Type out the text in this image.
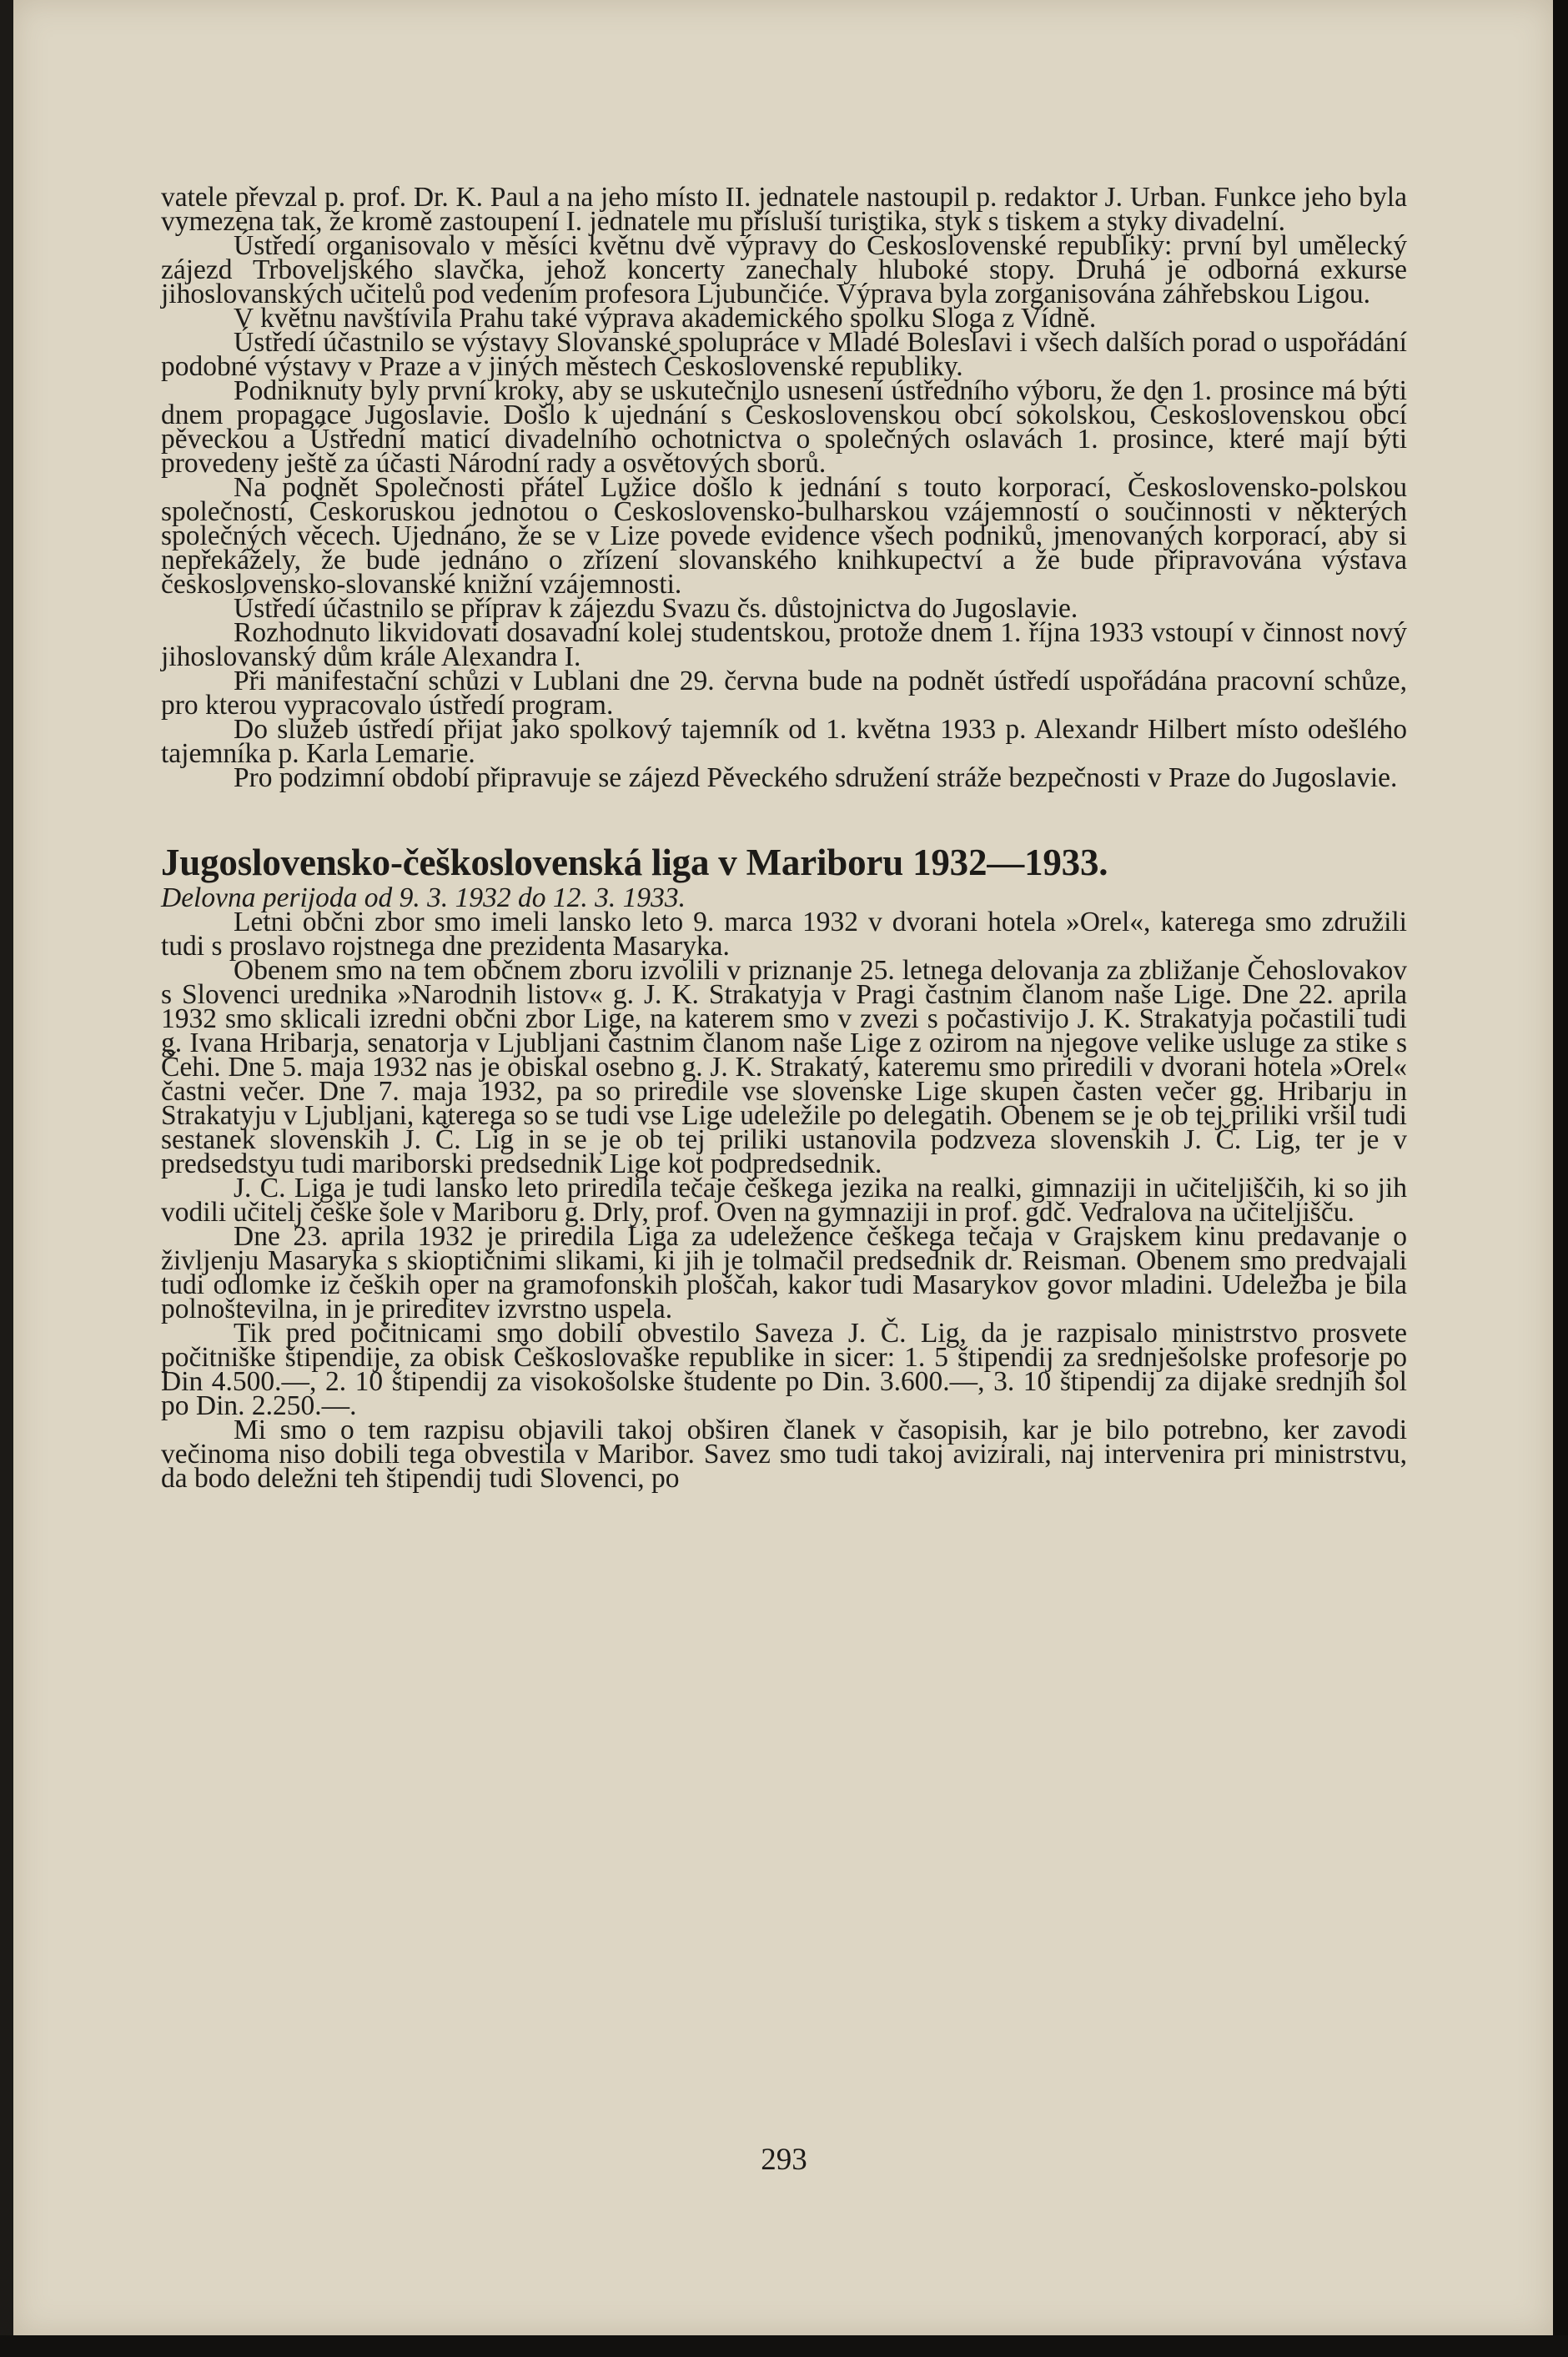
vatele převzal p. prof. Dr. K. Paul a na jeho místo II. jednatele nastoupil p. redaktor J. Urban. Funkce jeho byla vymezena tak, že kromě zastoupení I. jednatele mu přísluší turistika, styk s tiskem a styky divadelní.

Ústředí organisovalo v měsíci květnu dvě výpravy do Československé republiky: první byl umělecký zájezd Trboveljského slavčka, jehož koncerty zanechaly hluboké stopy. Druhá je odborná exkurse jihoslovanských učitelů pod vedením profesora Ljubunčiće. Výprava byla zorganisována záhřebskou Ligou.

V květnu navštívila Prahu také výprava akademického spolku Sloga z Vídně.

Ústředí účastnilo se výstavy Slovanské spolupráce v Mladé Boleslavi i všech dalších porad o uspořádání podobné výstavy v Praze a v jiných městech Československé republiky.

Podniknuty byly první kroky, aby se uskutečnilo usnesení ústředního výboru, že den 1. prosince má býti dnem propagace Jugoslavie. Došlo k ujednání s Československou obcí sokolskou, Československou obcí pěveckou a Ústřední maticí divadelního ochotnictva o společných oslavách 1. prosince, které mají býti provedeny ještě za účasti Národní rady a osvětových sborů.

Na podnět Společnosti přátel Lužice došlo k jednání s touto korporací, Československo-polskou společností, Českoruskou jednotou o Československo-bulharskou vzájemností o součinnosti v některých společných věcech. Ujednáno, že se v Lize povede evidence všech podniků, jmenovaných korporací, aby si nepřekážely, že bude jednáno o zřízení slovanského knihkupectví a že bude připravována výstava československo-slovanské knižní vzájemnosti.

Ústředí účastnilo se příprav k zájezdu Svazu čs. důstojnictva do Jugoslavie.

Rozhodnuto likvidovati dosavadní kolej studentskou, protože dnem 1. října 1933 vstoupí v činnost nový jihoslovanský dům krále Alexandra I.

Při manifestační schůzi v Lublani dne 29. června bude na podnět ústředí uspořádána pracovní schůze, pro kterou vypracovalo ústředí program.

Do služeb ústředí přijat jako spolkový tajemník od 1. května 1933 p. Alexandr Hilbert místo odešlého tajemníka p. Karla Lemarie.

Pro podzimní období připravuje se zájezd Pěveckého sdružení stráže bezpečnosti v Praze do Jugoslavie.

Jugoslovensko-češkoslovenská liga v Mariboru 1932—1933.

Delovna perijoda od 9. 3. 1932 do 12. 3. 1933.

Letni občni zbor smo imeli lansko leto 9. marca 1932 v dvorani hotela »Orel«, katerega smo združili tudi s proslavo rojstnega dne prezidenta Masaryka.

Obenem smo na tem občnem zboru izvolili v priznanje 25. letnega delovanja za zbližanje Čehoslovakov s Slovenci urednika »Narodnih listov« g. J. K. Strakatyja v Pragi častnim članom naše Lige. Dne 22. aprila 1932 smo sklicali izredni občni zbor Lige, na katerem smo v zvezi s počastivijo J. K. Strakatyja počastili tudi g. Ivana Hribarja, senatorja v Ljubljani častnim članom naše Lige z ozirom na njegove velike usluge za stike s Čehi. Dne 5. maja 1932 nas je obiskal osebno g. J. K. Strakatý, kateremu smo priredili v dvorani hotela »Orel« častni večer. Dne 7. maja 1932, pa so priredile vse slovenske Lige skupen časten večer gg. Hribarju in Strakatyju v Ljubljani, katerega so se tudi vse Lige udeležile po delegatih. Obenem se je ob tej priliki vršil tudi sestanek slovenskih J. Č. Lig in se je ob tej priliki ustanovila podzveza slovenskih J. Č. Lig, ter je v predsedstvu tudi mariborski predsednik Lige kot podpredsednik.

J. Č. Liga je tudi lansko leto priredila tečaje češkega jezika na realki, gimnaziji in učiteljiščih, ki so jih vodili učitelj češke šole v Mariboru g. Drly, prof. Oven na gymnaziji in prof. gdč. Vedralova na učiteljišču.

Dne 23. aprila 1932 je priredila Liga za udeležence češkega tečaja v Grajskem kinu predavanje o življenju Masaryka s skioptičnimi slikami, ki jih je tolmačil predsednik dr. Reisman. Obenem smo predvajali tudi odlomke iz čeških oper na gramofonskih ploščah, kakor tudi Masarykov govor mladini. Udeležba je bila polnoštevilna, in je prireditev izvrstno uspela.

Tik pred počitnicami smo dobili obvestilo Saveza J. Č. Lig, da je razpisalo ministrstvo prosvete počitniške štipendije, za obisk Češkoslovaške republike in sicer: 1. 5 štipendij za srednješolske profesorje po Din 4.500.—, 2. 10 štipendij za visokošolske študente po Din. 3.600.—, 3. 10 štipendij za dijake srednjih šol po Din. 2.250.—.

Mi smo o tem razpisu objavili takoj obširen članek v časopisih, kar je bilo potrebno, ker zavodi večinoma niso dobili tega obvestila v Maribor. Savez smo tudi takoj avizirali, naj intervenira pri ministrstvu, da bodo deležni teh štipendij tudi Slovenci, po

293
